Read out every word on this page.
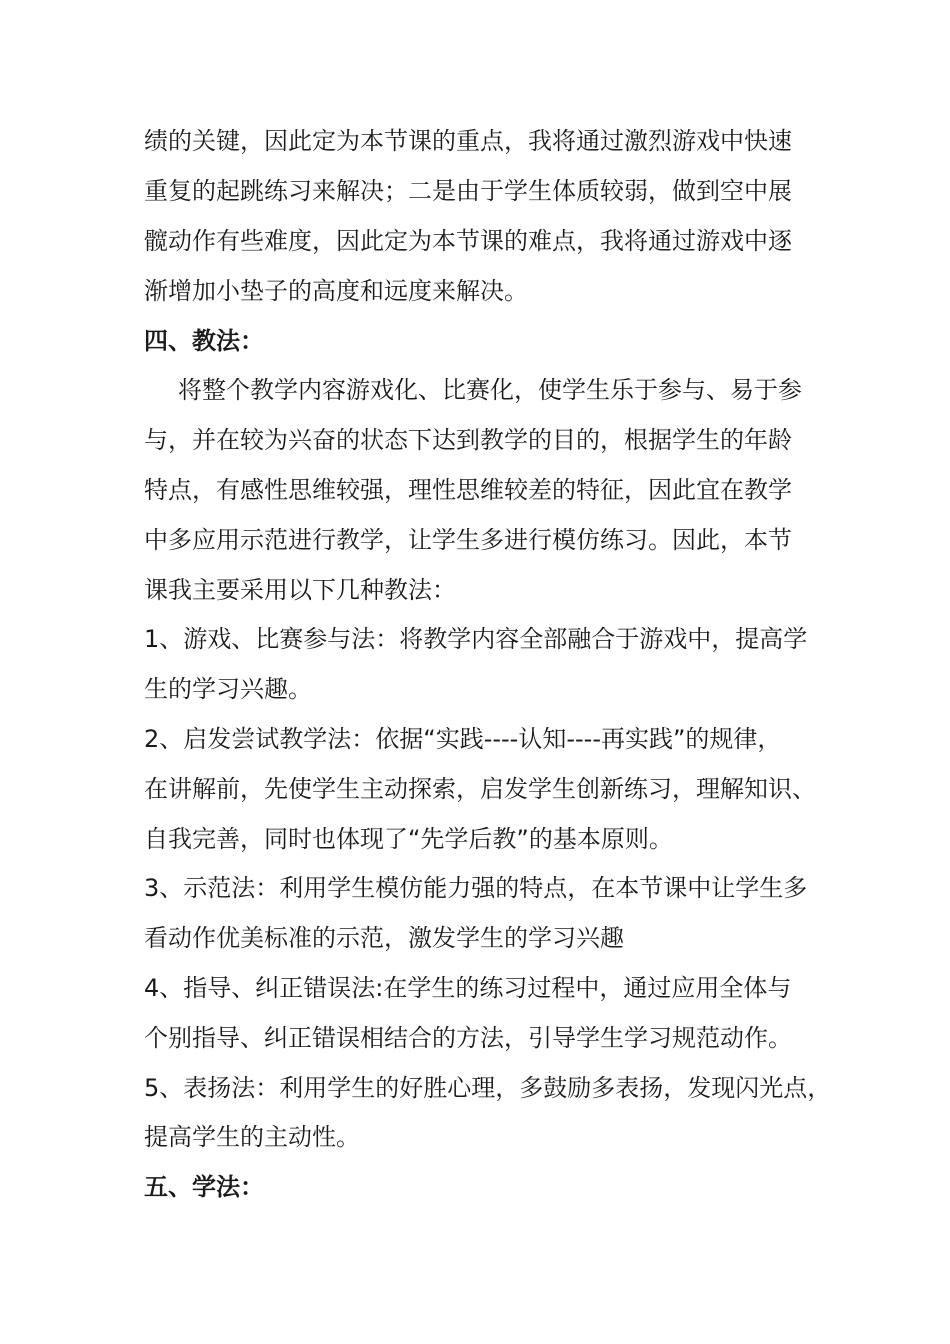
绩的关键，因此定为本节课的重点，我将通过激烈游戏中快速
重复的起跳练习来解决；二是由于学生体质较弱，做到空中展
髋动作有些难度，因此定为本节课的难点，我将通过游戏中逐
渐增加小垫子的高度和远度来解决。
四、教法：
将整个教学内容游戏化、比赛化，使学生乐于参与、易于参
与，并在较为兴奋的状态下达到教学的目的，根据学生的年龄
特点，有感性思维较强，理性思维较差的特征，因此宜在教学
中多应用示范进行教学，让学生多进行模仿练习。因此，本节
课我主要采用以下几种教法：
1、游戏、比赛参与法：将教学内容全部融合于游戏中，提高学
生的学习兴趣。
2、启发尝试教学法：依据“实践----认知----再实践”的规律，
在讲解前，先使学生主动探索，启发学生创新练习，理解知识、
自我完善，同时也体现了“先学后教”的基本原则。
3、示范法：利用学生模仿能力强的特点，在本节课中让学生多
看动作优美标准的示范，激发学生的学习兴趣
4、指导、纠正错误法:在学生的练习过程中，通过应用全体与
个别指导、纠正错误相结合的方法，引导学生学习规范动作。
5、表扬法：利用学生的好胜心理，多鼓励多表扬，发现闪光点，
提高学生的主动性。
五、学法：
